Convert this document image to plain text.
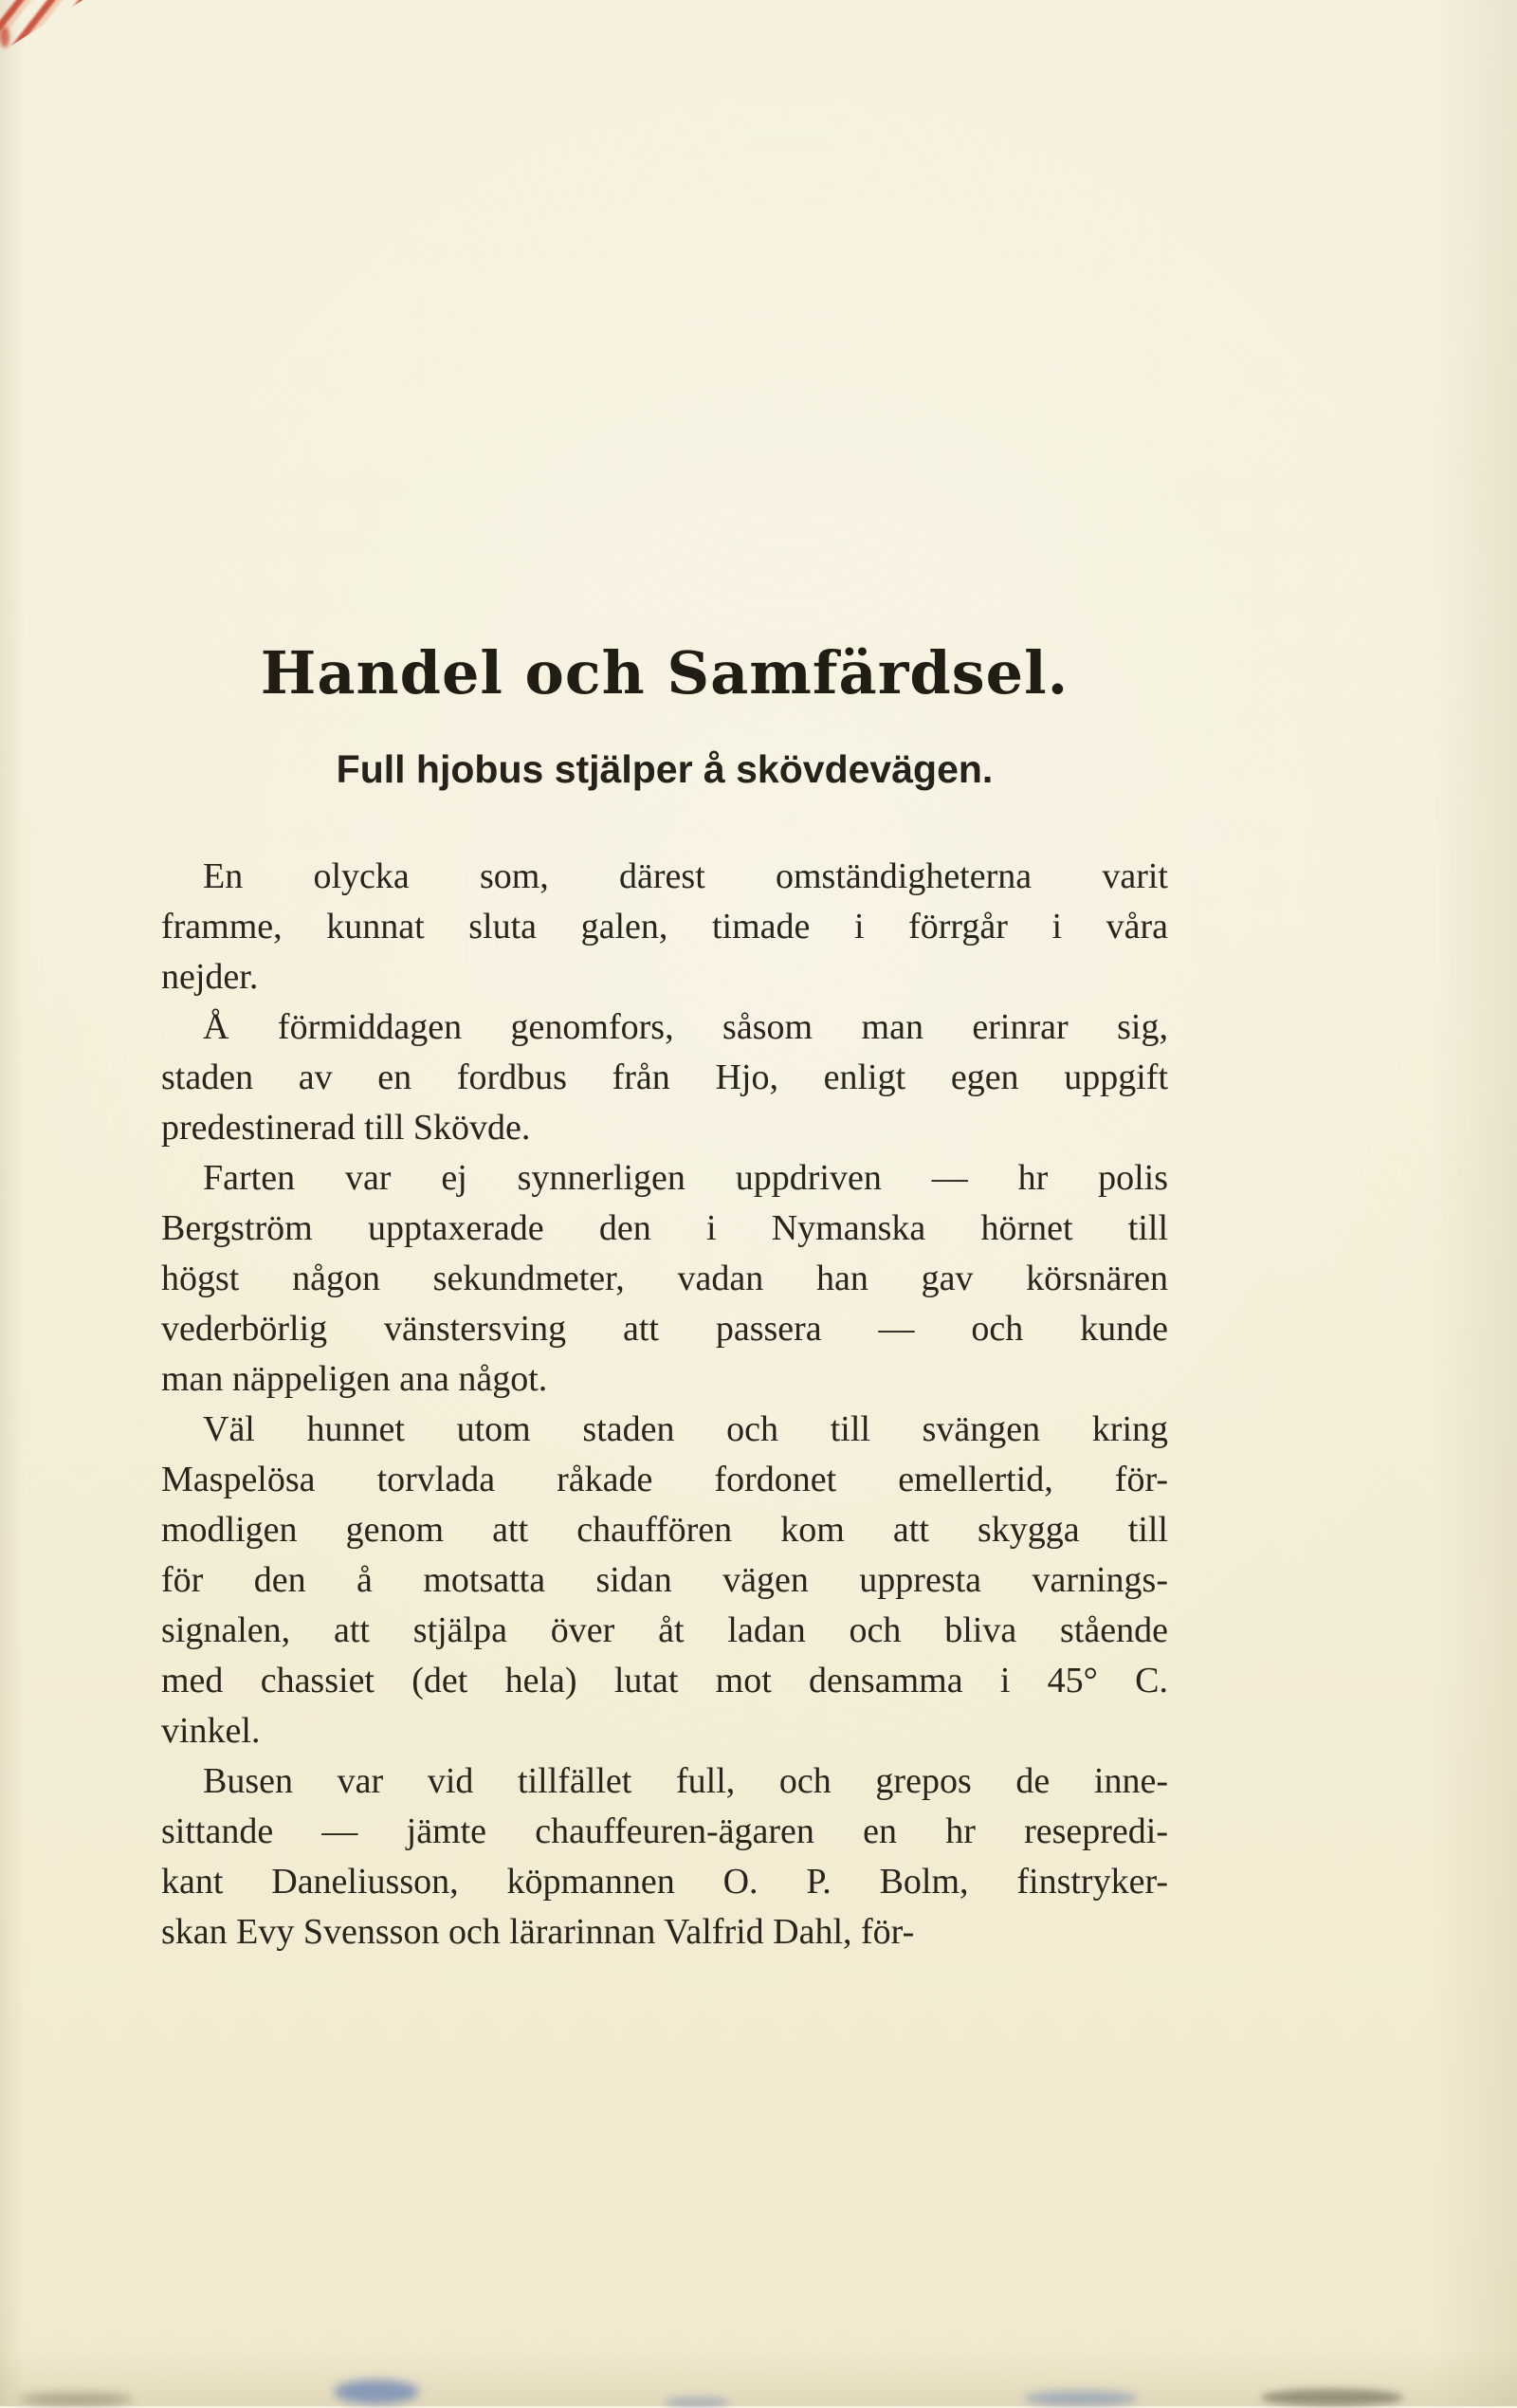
Handel och Samfärdsel.
Full hjobus stjälper å skövdevägen.
En olycka som, därest omständigheterna varit
framme, kunnat sluta galen, timade i förrgår i våra
nejder.
Å förmiddagen genomfors, såsom man erinrar sig,
staden av en fordbus från Hjo, enligt egen uppgift
predestinerad till Skövde.
Farten var ej synnerligen uppdriven — hr polis
Bergström upptaxerade den i Nymanska hörnet till
högst någon sekundmeter, vadan han gav körsnären
vederbörlig vänstersving att passera — och kunde
man näppeligen ana något.
Väl hunnet utom staden och till svängen kring
Maspelösa torvlada råkade fordonet emellertid, för-
modligen genom att chauffören kom att skygga till
för den å motsatta sidan vägen uppresta varnings-
signalen, att stjälpa över åt ladan och bliva stående
med chassiet (det hela) lutat mot densamma i 45° C.
vinkel.
Busen var vid tillfället full, och grepos de inne-
sittande — jämte chauffeuren-ägaren en hr resepredi-
kant Daneliusson, köpmannen O. P. Bolm, finstryker-
skan Evy Svensson och lärarinnan Valfrid Dahl, för-
